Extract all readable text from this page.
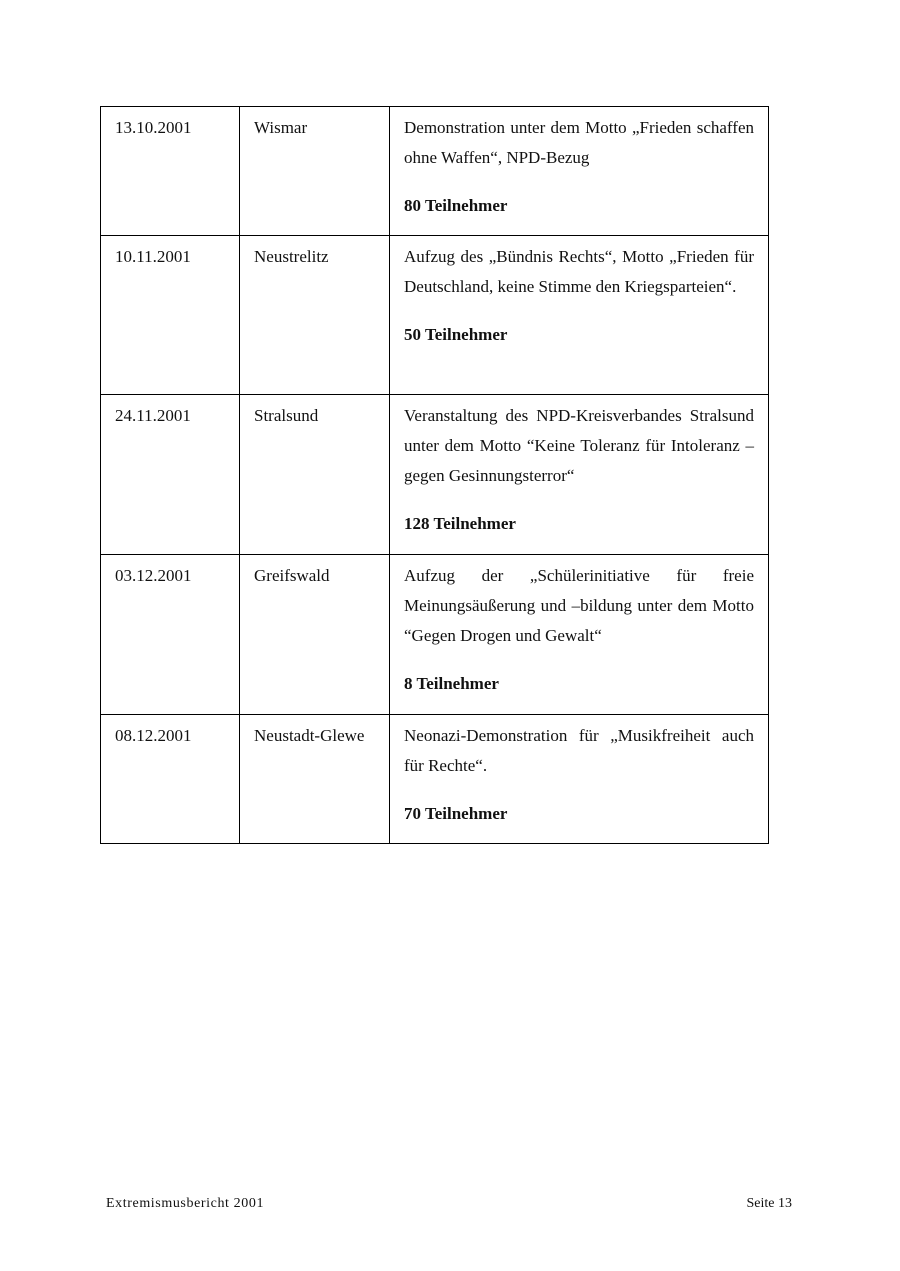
13.10.2001	Wismar	Demonstration unter dem Motto „Frieden schaffen ohne Waffen“, NPD-Bezug

80 Teilnehmer

10.11.2001	Neustrelitz	Aufzug des „Bündnis Rechts“, Motto „Frieden für Deutschland, keine Stimme den Kriegsparteien“.

50 Teilnehmer

24.11.2001	Stralsund	Veranstaltung des NPD-Kreisverbandes Stralsund unter dem Motto “Keine Toleranz für Intoleranz – gegen Gesinnungsterror“

128 Teilnehmer

03.12.2001	Greifswald	Aufzug der „Schülerinitiative für freie Meinungsäußerung und –bildung unter dem Motto “Gegen Drogen und Gewalt“

8 Teilnehmer

08.12.2001	Neustadt-Glewe	Neonazi-Demonstration für „Musikfreiheit auch für Rechte“.

70 Teilnehmer

Extremismusbericht 2001	Seite 13
